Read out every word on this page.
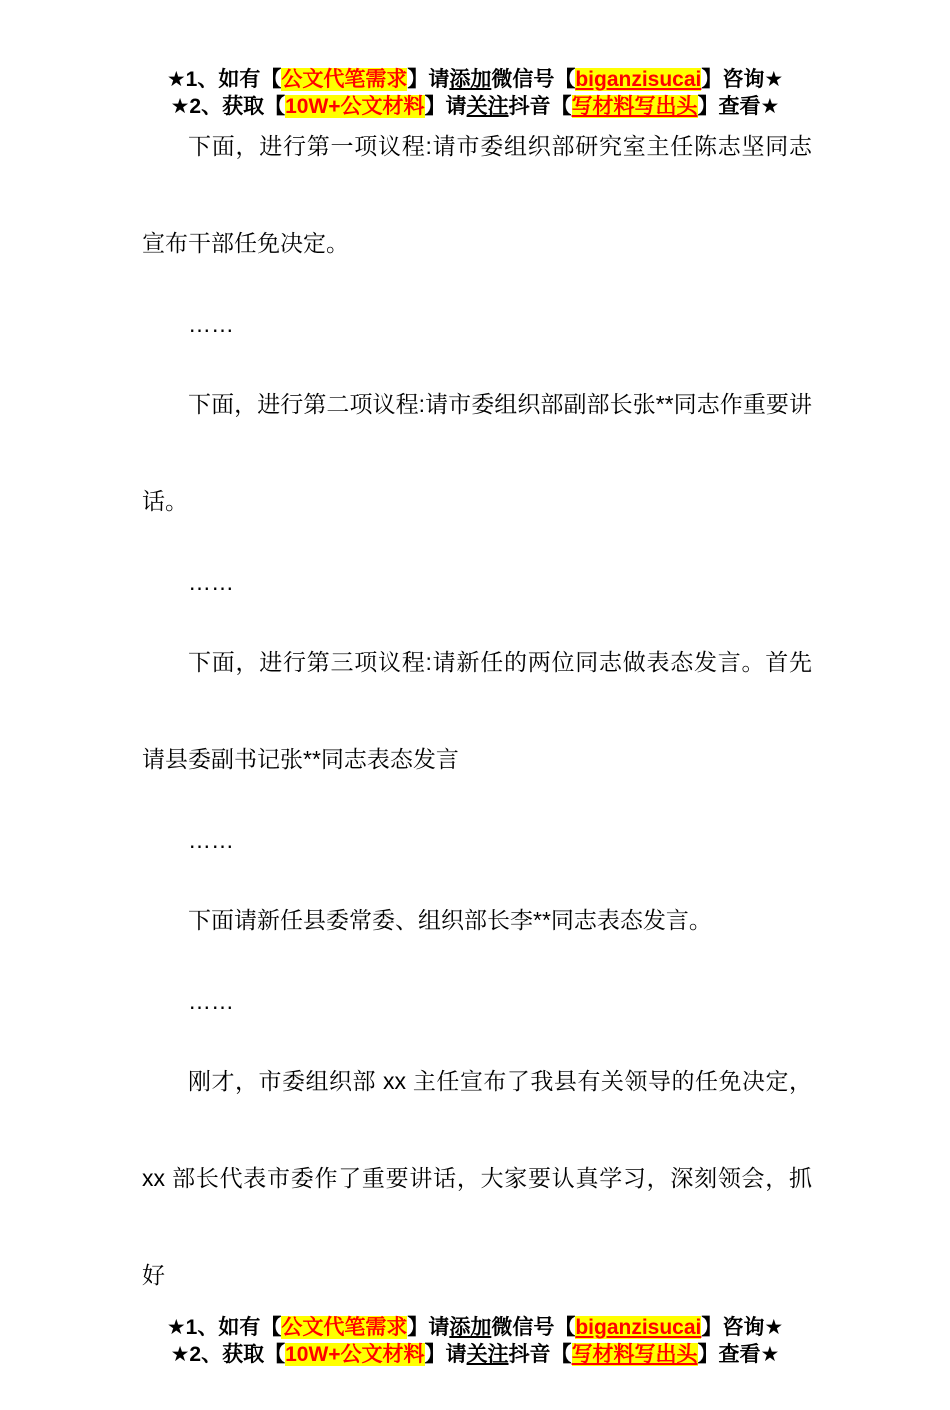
★1、如有【公文代笔需求】请添加微信号【biganzisucai】咨询★
★2、获取【10W+公文材料】请关注抖音【写材料写出头】查看★

下面，进行第一项议程:请市委组织部研究室主任陈志坚同志宣布干部任免决定。

……

下面，进行第二项议程:请市委组织部副部长张**同志作重要讲话。

……

下面，进行第三项议程:请新任的两位同志做表态发言。首先请县委副书记张**同志表态发言

……

下面请新任县委常委、组织部长李**同志表态发言。

……

刚才，市委组织部 xx 主任宣布了我县有关领导的任免决定，xx 部长代表市委作了重要讲话，大家要认真学习，深刻领会，抓好

★1、如有【公文代笔需求】请添加微信号【biganzisucai】咨询★
★2、获取【10W+公文材料】请关注抖音【写材料写出头】查看★
